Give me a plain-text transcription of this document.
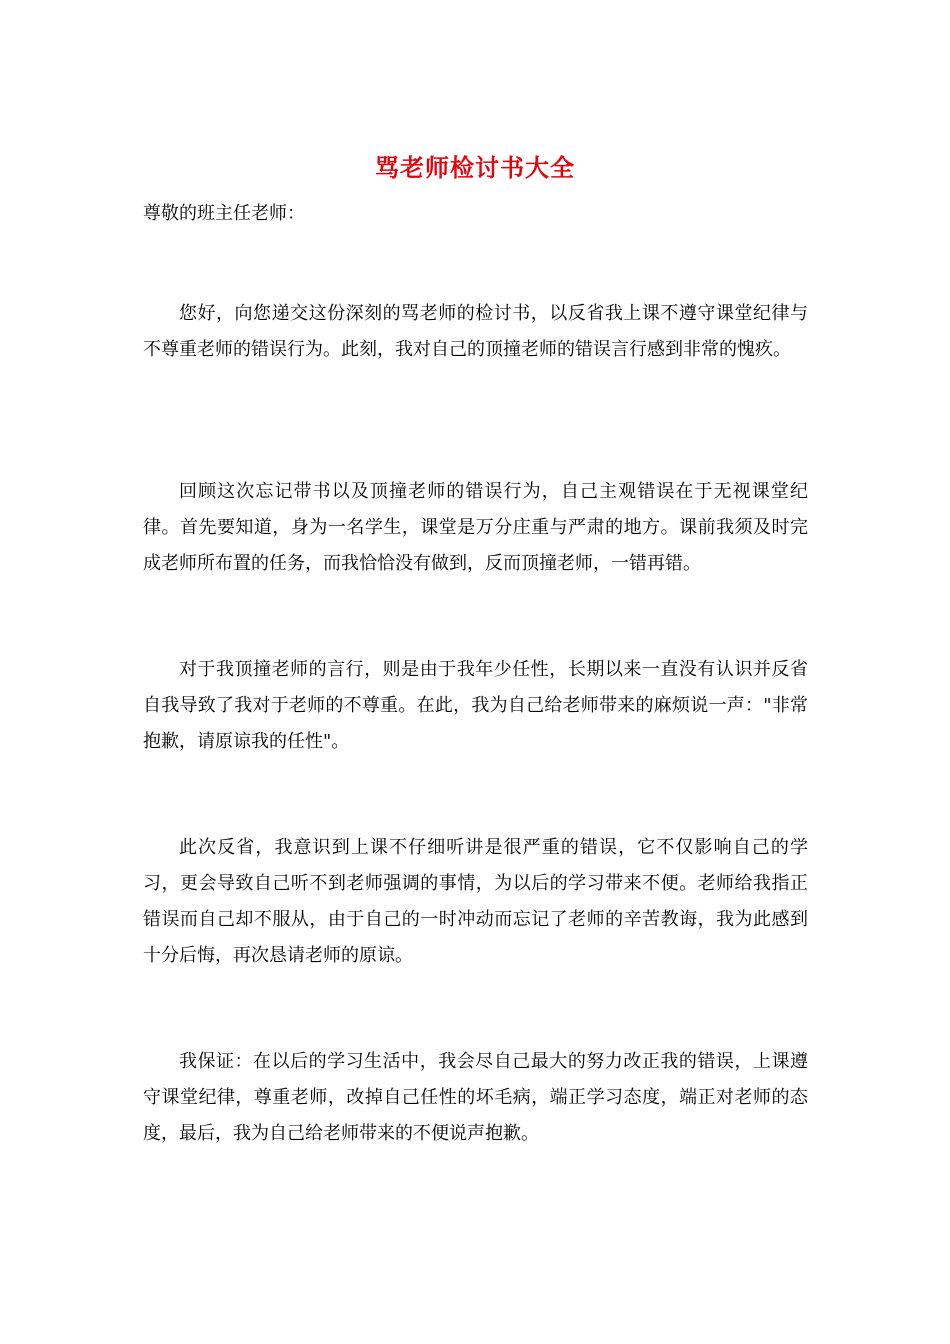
骂老师检讨书大全
尊敬的班主任老师：

您好，向您递交这份深刻的骂老师的检讨书，以反省我上课不遵守课堂纪律与不尊重老师的错误行为。此刻，我对自己的顶撞老师的错误言行感到非常的愧疚。

回顾这次忘记带书以及顶撞老师的错误行为，自己主观错误在于无视课堂纪律。首先要知道，身为一名学生，课堂是万分庄重与严肃的地方。课前我须及时完成老师所布置的任务，而我恰恰没有做到，反而顶撞老师，一错再错。

对于我顶撞老师的言行，则是由于我年少任性，长期以来一直没有认识并反省自我导致了我对于老师的不尊重。在此，我为自己给老师带来的麻烦说一声："非常抱歉，请原谅我的任性"。

此次反省，我意识到上课不仔细听讲是很严重的错误，它不仅影响自己的学习，更会导致自己听不到老师强调的事情，为以后的学习带来不便。老师给我指正错误而自己却不服从，由于自己的一时冲动而忘记了老师的辛苦教诲，我为此感到十分后悔，再次恳请老师的原谅。

我保证：在以后的学习生活中，我会尽自己最大的努力改正我的错误，上课遵守课堂纪律，尊重老师，改掉自己任性的坏毛病，端正学习态度，端正对老师的态度，最后，我为自己给老师带来的不便说声抱歉。
